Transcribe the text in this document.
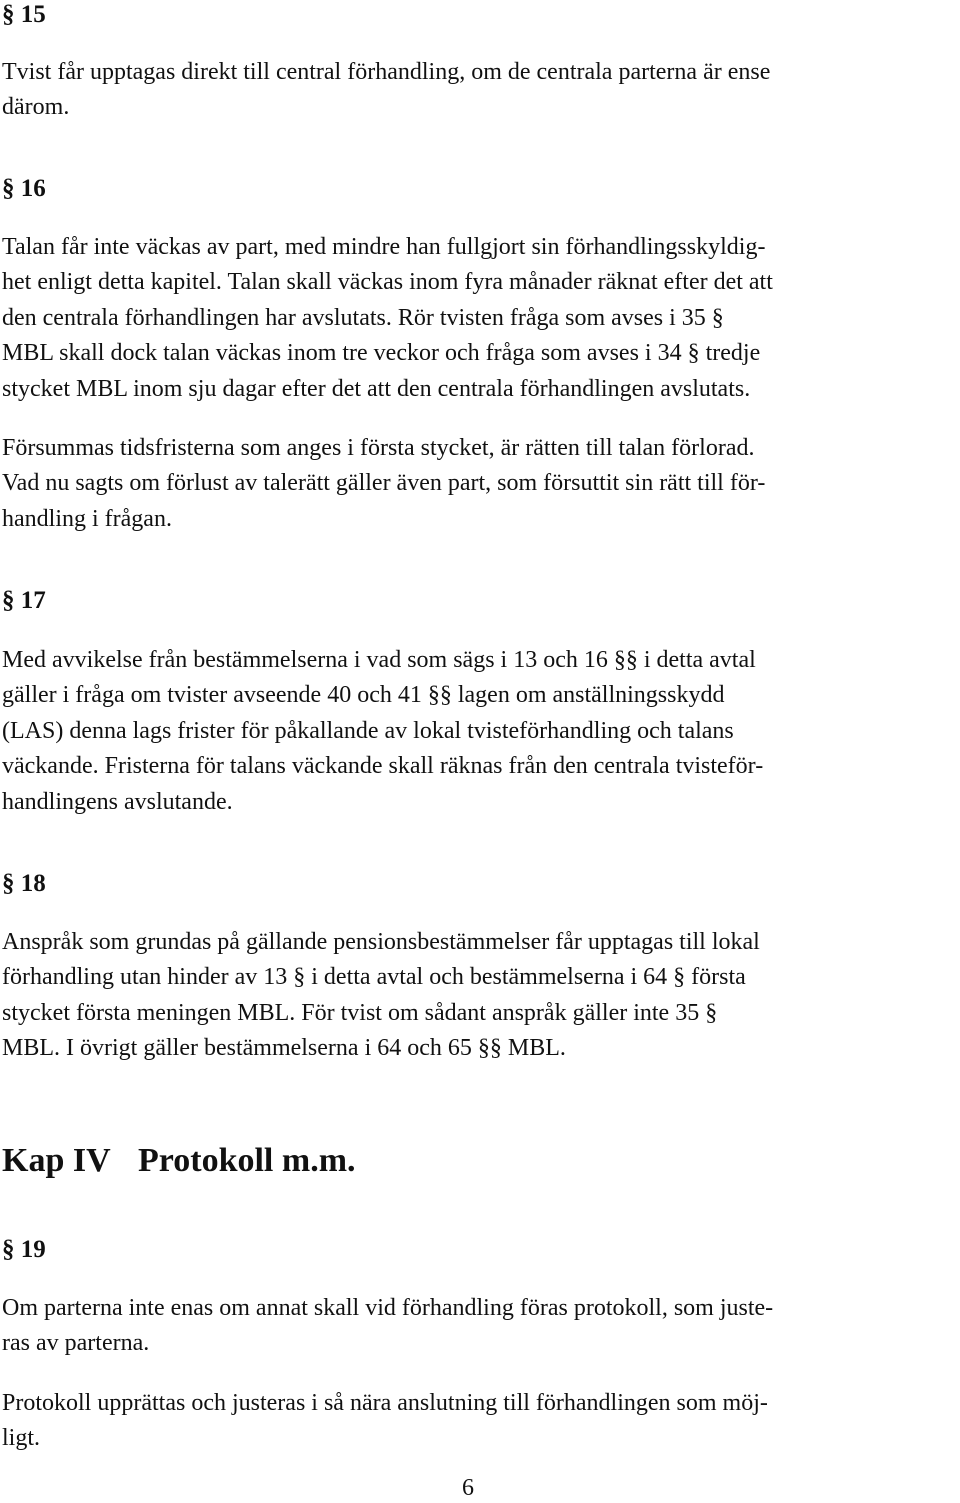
§ 15

Tvist får upptagas direkt till central förhandling, om de centrala parterna är ense
därom.

§ 16

Talan får inte väckas av part, med mindre han fullgjort sin förhandlingsskyldig-
het enligt detta kapitel. Talan skall väckas inom fyra månader räknat efter det att
den centrala förhandlingen har avslutats. Rör tvisten fråga som avses i 35 §
MBL skall dock talan väckas inom tre veckor och fråga som avses i 34 § tredje
stycket MBL inom sju dagar efter det att den centrala förhandlingen avslutats.

Försummas tidsfristerna som anges i första stycket, är rätten till talan förlorad.
Vad nu sagts om förlust av talerätt gäller även part, som försuttit sin rätt till för-
handling i frågan.

§ 17

Med avvikelse från bestämmelserna i vad som sägs i 13 och 16 §§ i detta avtal
gäller i fråga om tvister avseende 40 och 41 §§ lagen om anställningsskydd
(LAS) denna lags frister för påkallande av lokal tvisteförhandling och talans
väckande. Fristerna för talans väckande skall räknas från den centrala tvisteför-
handlingens avslutande.

§ 18

Anspråk som grundas på gällande pensionsbestämmelser får upptagas till lokal
förhandling utan hinder av 13 § i detta avtal och bestämmelserna i 64 § första
stycket första meningen MBL. För tvist om sådant anspråk gäller inte 35 §
MBL. I övrigt gäller bestämmelserna i 64 och 65 §§ MBL.

Kap IV Protokoll m.m.
§ 19

Om parterna inte enas om annat skall vid förhandling föras protokoll, som juste-
ras av parterna.

Protokoll upprättas och justeras i så nära anslutning till förhandlingen som möj-
ligt.

6
